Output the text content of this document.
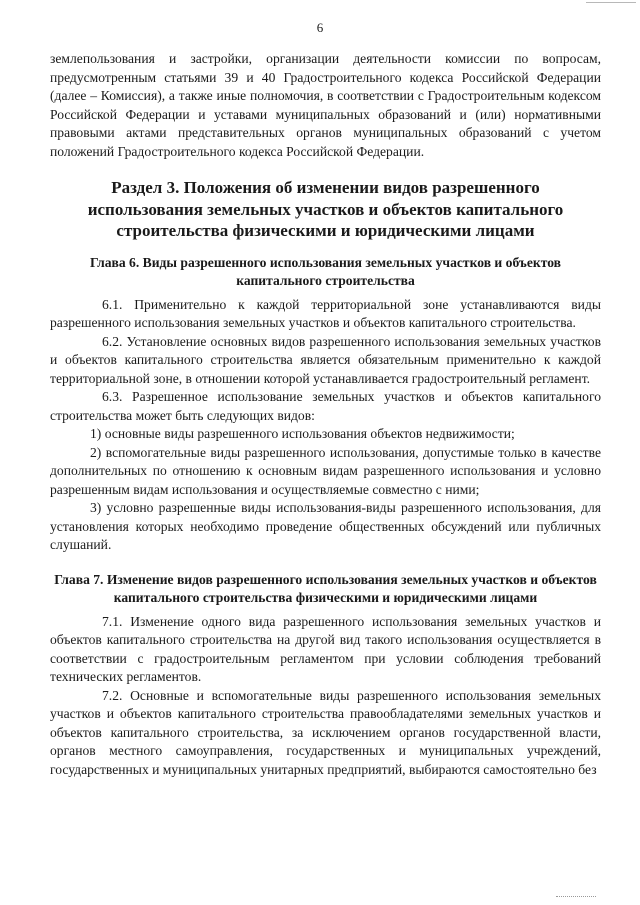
6

землепользования и застройки, организации деятельности комиссии по вопросам, предусмотренным статьями 39 и 40 Градостроительного кодекса Российской Федерации (далее – Комиссия), а также иные полномочия, в соответствии с Градостроительным кодексом Российской Федерации и уставами муниципальных образований и (или) нормативными правовыми актами представительных органов муниципальных образований с учетом положений Градостроительного кодекса Российской Федерации.

Раздел 3. Положения об изменении видов разрешенного использования земельных участков и объектов капитального строительства физическими и юридическими лицами
Глава 6. Виды разрешенного использования земельных участков и объектов капитального строительства

6.1. Применительно к каждой территориальной зоне устанавливаются виды разрешенного использования земельных участков и объектов капитального строительства.

6.2. Установление основных видов разрешенного использования земельных участков и объектов капитального строительства является обязательным применительно к каждой территориальной зоне, в отношении которой устанавливается градостроительный регламент.

6.3. Разрешенное использование земельных участков и объектов капитального строительства может быть следующих видов:

1) основные виды разрешенного использования объектов недвижимости;

2) вспомогательные виды разрешенного использования, допустимые только в качестве дополнительных по отношению к основным видам разрешенного использования и условно разрешенным видам использования и осуществляемые совместно с ними;

3) условно разрешенные виды использования-виды разрешенного использования, для установления которых необходимо проведение общественных обсуждений или публичных слушаний.

Глава 7. Изменение видов разрешенного использования земельных участков и объектов капитального строительства физическими и юридическими лицами

7.1. Изменение одного вида разрешенного использования земельных участков и объектов капитального строительства на другой вид такого использования осуществляется в соответствии с градостроительным регламентом при условии соблюдения требований технических регламентов.

7.2. Основные и вспомогательные виды разрешенного использования земельных участков и объектов капитального строительства правообладателями земельных участков и объектов капитального строительства, за исключением органов государственной власти, органов местного самоуправления, государственных и муниципальных учреждений, государственных и муниципальных унитарных предприятий, выбираются самостоятельно без
